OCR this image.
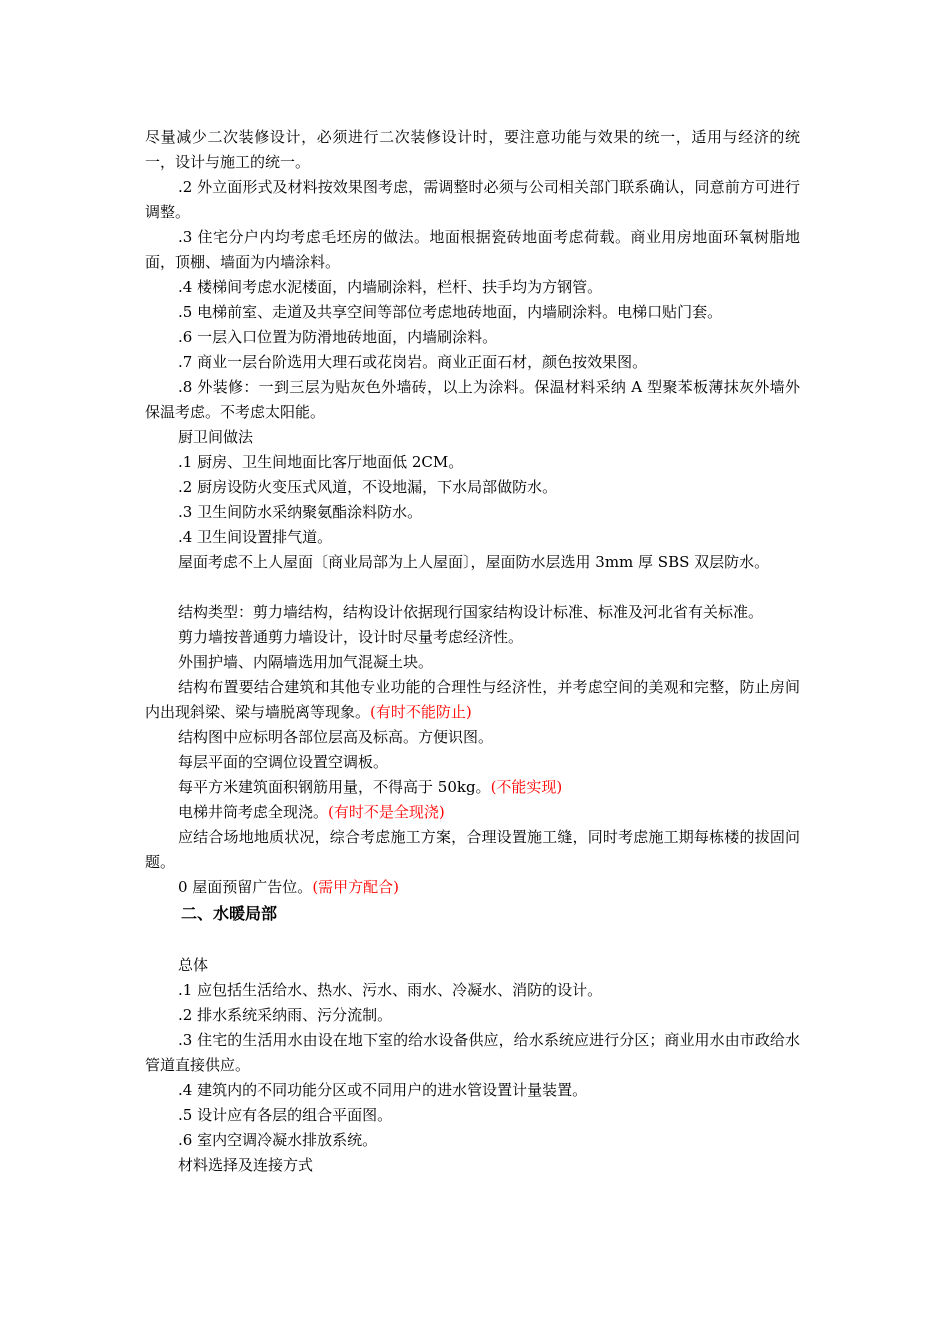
尽量减少二次装修设计，必须进行二次装修设计时，要注意功能与效果的统一，适用与经济的统一，设计与施工的统一。

.2 外立面形式及材料按效果图考虑，需调整时必须与公司相关部门联系确认，同意前方可进行调整。

.3 住宅分户内均考虑毛坯房的做法。地面根据瓷砖地面考虑荷载。商业用房地面环氧树脂地面，顶棚、墙面为内墙涂料。

.4 楼梯间考虑水泥楼面，内墙刷涂料，栏杆、扶手均为方钢管。

.5 电梯前室、走道及共享空间等部位考虑地砖地面，内墙刷涂料。电梯口贴门套。

.6 一层入口位置为防滑地砖地面，内墙刷涂料。

.7 商业一层台阶选用大理石或花岗岩。商业正面石材，颜色按效果图。

.8 外装修：一到三层为贴灰色外墙砖，以上为涂料。保温材料采纳 A 型聚苯板薄抹灰外墙外保温考虑。不考虑太阳能。

厨卫间做法

.1 厨房、卫生间地面比客厅地面低 2CM。

.2 厨房设防火变压式风道，不设地漏，下水局部做防水。

.3 卫生间防水采纳聚氨酯涂料防水。

.4 卫生间设置排气道。

屋面考虑不上人屋面〔商业局部为上人屋面〕，屋面防水层选用 3mm 厚 SBS 双层防水。

结构类型：剪力墙结构，结构设计依据现行国家结构设计标准、标准及河北省有关标准。

剪力墙按普通剪力墙设计，设计时尽量考虑经济性。

外围护墙、内隔墙选用加气混凝土块。

结构布置要结合建筑和其他专业功能的合理性与经济性，并考虑空间的美观和完整，防止房间内出现斜梁、梁与墙脱离等现象。(有时不能防止)

结构图中应标明各部位层高及标高。方便识图。

每层平面的空调位设置空调板。

每平方米建筑面积钢筋用量，不得高于 50kg。(不能实现)

电梯井筒考虑全现浇。(有时不是全现浇)

应结合场地地质状况，综合考虑施工方案，合理设置施工缝，同时考虑施工期每栋楼的拔固问题。

0 屋面预留广告位。(需甲方配合)

二、水暖局部

总体

.1 应包括生活给水、热水、污水、雨水、冷凝水、消防的设计。

.2 排水系统采纳雨、污分流制。

.3 住宅的生活用水由设在地下室的给水设备供应，给水系统应进行分区；商业用水由市政给水管道直接供应。

.4 建筑内的不同功能分区或不同用户的进水管设置计量装置。

.5 设计应有各层的组合平面图。

.6 室内空调冷凝水排放系统。

材料选择及连接方式
